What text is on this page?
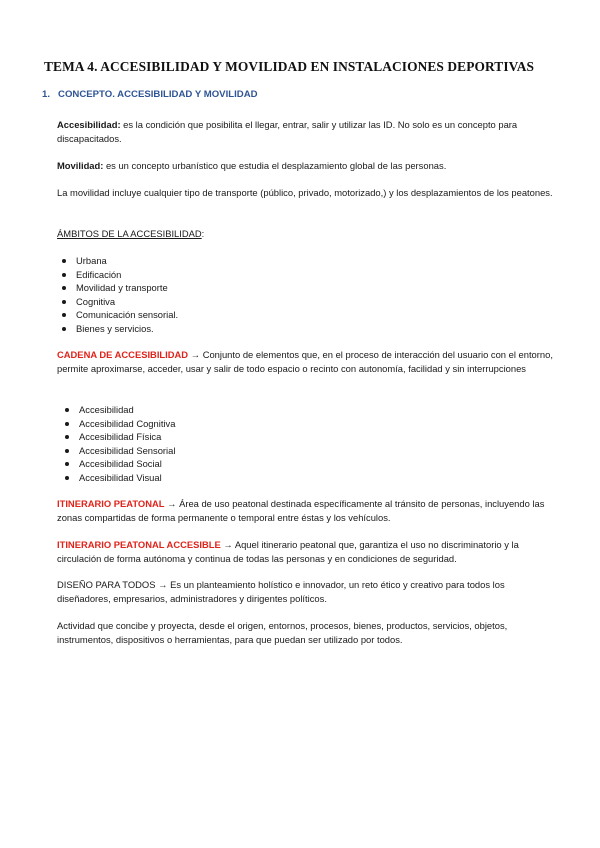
TEMA 4. ACCESIBILIDAD Y MOVILIDAD EN INSTALACIONES DEPORTIVAS
1. CONCEPTO. ACCESIBILIDAD Y MOVILIDAD
Accesibilidad: es la condición que posibilita el llegar, entrar, salir y utilizar las ID. No solo es un concepto para discapacitados.
Movilidad: es un concepto urbanístico que estudia el desplazamiento global de las personas.
La movilidad incluye cualquier tipo de transporte (público, privado, motorizado,) y los desplazamientos de los peatones.
ÁMBITOS DE LA ACCESIBILIDAD:
Urbana
Edificación
Movilidad y transporte
Cognitiva
Comunicación sensorial.
Bienes y servicios.
CADENA DE ACCESIBILIDAD → Conjunto de elementos que, en el proceso de interacción del usuario con el entorno, permite aproximarse, acceder, usar y salir de todo espacio o recinto con autonomía, facilidad y sin interrupciones
Accesibilidad
Accesibilidad Cognitiva
Accesibilidad Física
Accesibilidad Sensorial
Accesibilidad Social
Accesibilidad Visual
ITINERARIO PEATONAL → Área de uso peatonal destinada específicamente al tránsito de personas, incluyendo las zonas compartidas de forma permanente o temporal entre éstas y los vehículos.
ITINERARIO PEATONAL ACCESIBLE → Aquel itinerario peatonal que, garantiza el uso no discriminatorio y la circulación de forma autónoma y continua de todas las personas y en condiciones de seguridad.
DISEÑO PARA TODOS → Es un planteamiento holístico e innovador, un reto ético y creativo para todos los diseñadores, empresarios, administradores y dirigentes políticos.
Actividad que concibe y proyecta, desde el origen, entornos, procesos, bienes, productos, servicios, objetos, instrumentos, dispositivos o herramientas, para que puedan ser utilizado por todos.
